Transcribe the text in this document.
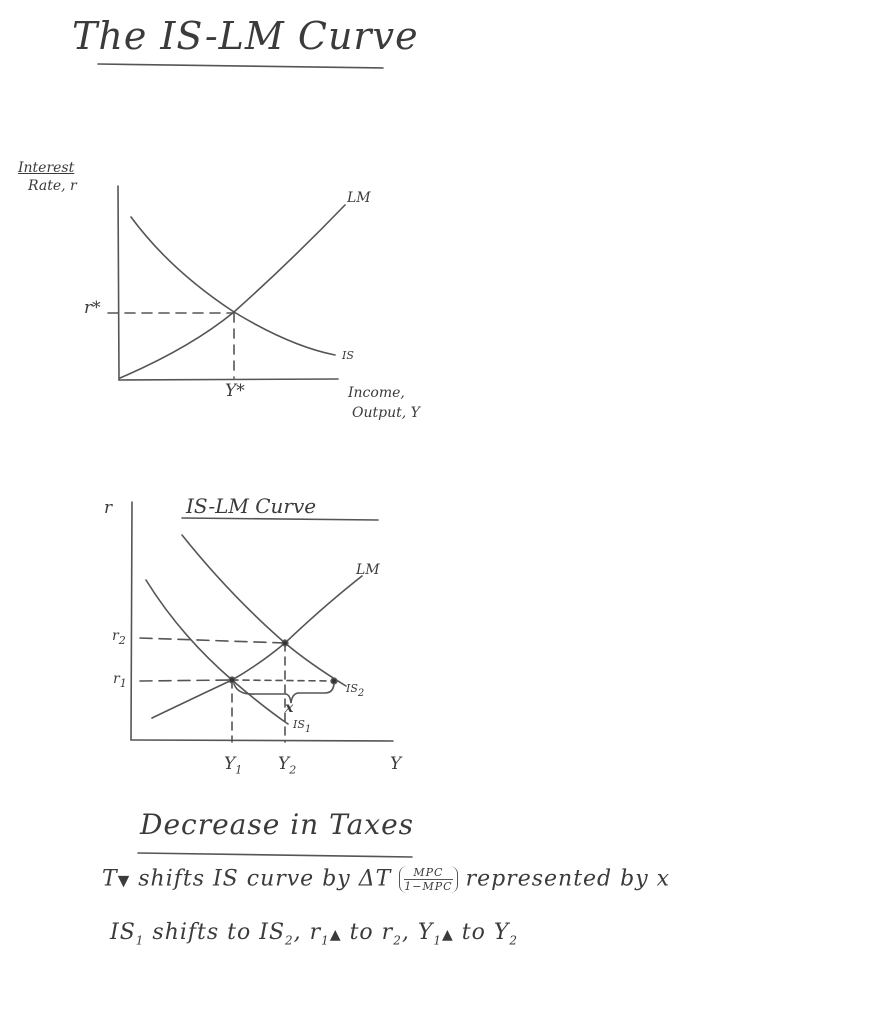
The IS-LM Curve
Interest
Rate, r
LM
IS
r*
Y*	Income,
Output, Y
IS-LM Curve
r
LM
$r_2$
$r_1$	$IS_2$
$IS_1$
x
$Y_1$ $Y_2$	Y
Decrease in Taxes
T▼ shifts IS curve by ΔT	MPC
1−MPC represented by x
$IS_1$ shifts to $IS_2$, $r_1▲$ to $r_2$, $Y_1▲$ to $Y_2$
